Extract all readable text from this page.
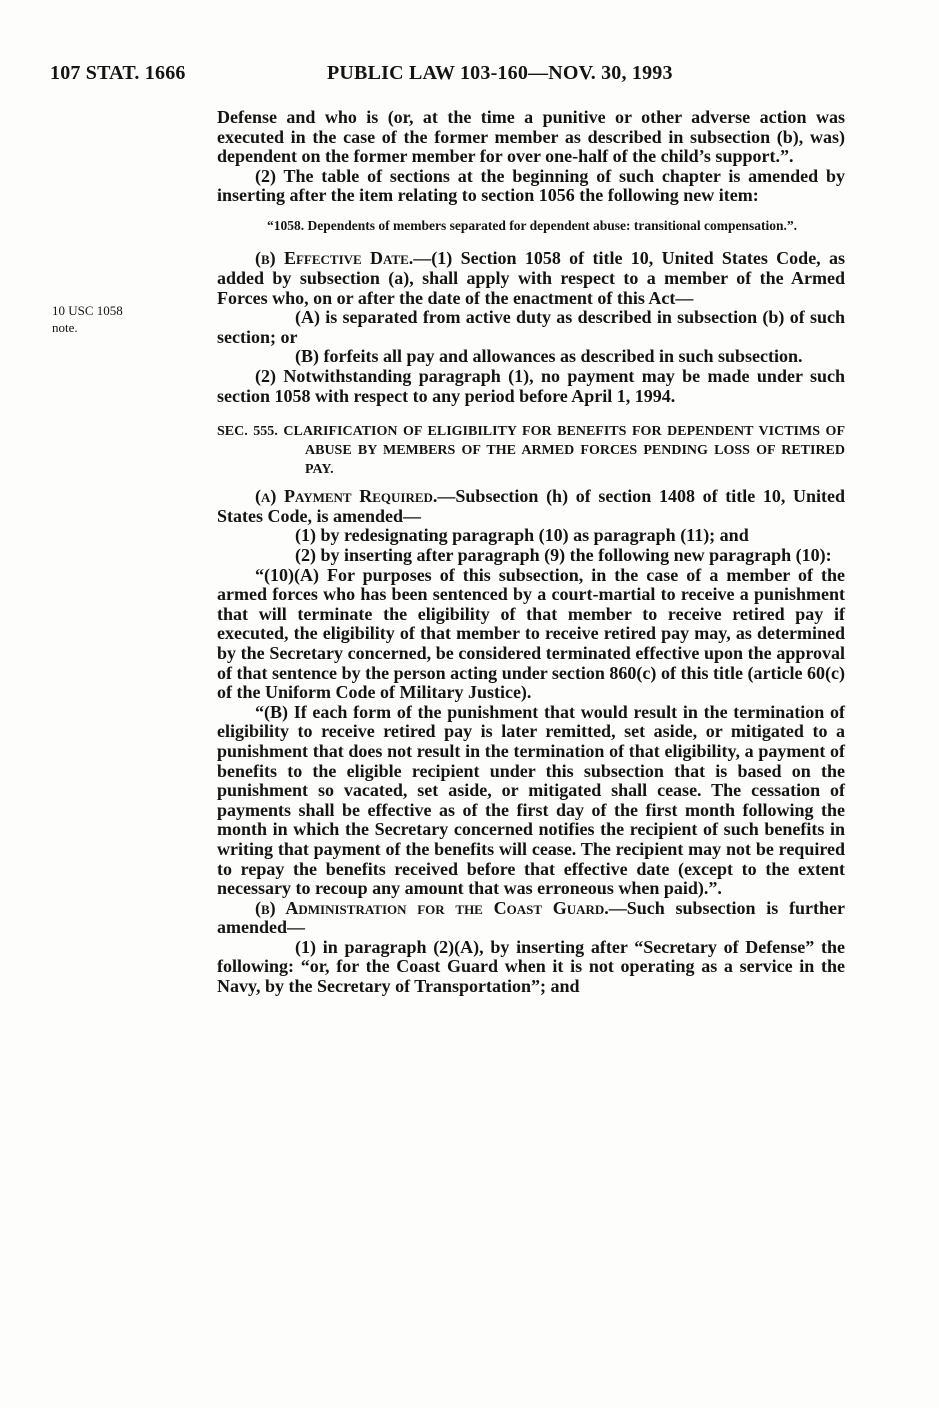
107 STAT. 1666	PUBLIC LAW 103-160—NOV. 30, 1993
10 USC 1058
note.

Defense and who is (or, at the time a punitive or other adverse action was executed in the case of the former member as described in subsection (b), was) dependent on the former member for over one-half of the child’s support.”.

(2) The table of sections at the beginning of such chapter is amended by inserting after the item relating to section 1056 the following new item:

“1058. Dependents of members separated for dependent abuse: transitional compensation.”.

(b) Effective Date.—(1) Section 1058 of title 10, United States Code, as added by subsection (a), shall apply with respect to a member of the Armed Forces who, on or after the date of the enactment of this Act—

(A) is separated from active duty as described in subsection (b) of such section; or

(B) forfeits all pay and allowances as described in such subsection.

(2) Notwithstanding paragraph (1), no payment may be made under such section 1058 with respect to any period before April 1, 1994.

SEC. 555. CLARIFICATION OF ELIGIBILITY FOR BENEFITS FOR DEPENDENT VICTIMS OF ABUSE BY MEMBERS OF THE ARMED FORCES PENDING LOSS OF RETIRED PAY.

(a) Payment Required.—Subsection (h) of section 1408 of title 10, United States Code, is amended—

(1) by redesignating paragraph (10) as paragraph (11); and

(2) by inserting after paragraph (9) the following new paragraph (10):

“(10)(A) For purposes of this subsection, in the case of a member of the armed forces who has been sentenced by a court-martial to receive a punishment that will terminate the eligibility of that member to receive retired pay if executed, the eligibility of that member to receive retired pay may, as determined by the Secretary concerned, be considered terminated effective upon the approval of that sentence by the person acting under section 860(c) of this title (article 60(c) of the Uniform Code of Military Justice).

“(B) If each form of the punishment that would result in the termination of eligibility to receive retired pay is later remitted, set aside, or mitigated to a punishment that does not result in the termination of that eligibility, a payment of benefits to the eligible recipient under this subsection that is based on the punishment so vacated, set aside, or mitigated shall cease. The cessation of payments shall be effective as of the first day of the first month following the month in which the Secretary concerned notifies the recipient of such benefits in writing that payment of the benefits will cease. The recipient may not be required to repay the benefits received before that effective date (except to the extent necessary to recoup any amount that was erroneous when paid).”.

(b) Administration for the Coast Guard.—Such subsection is further amended—

(1) in paragraph (2)(A), by inserting after “Secretary of Defense” the following: “or, for the Coast Guard when it is not operating as a service in the Navy, by the Secretary of Transportation”; and
